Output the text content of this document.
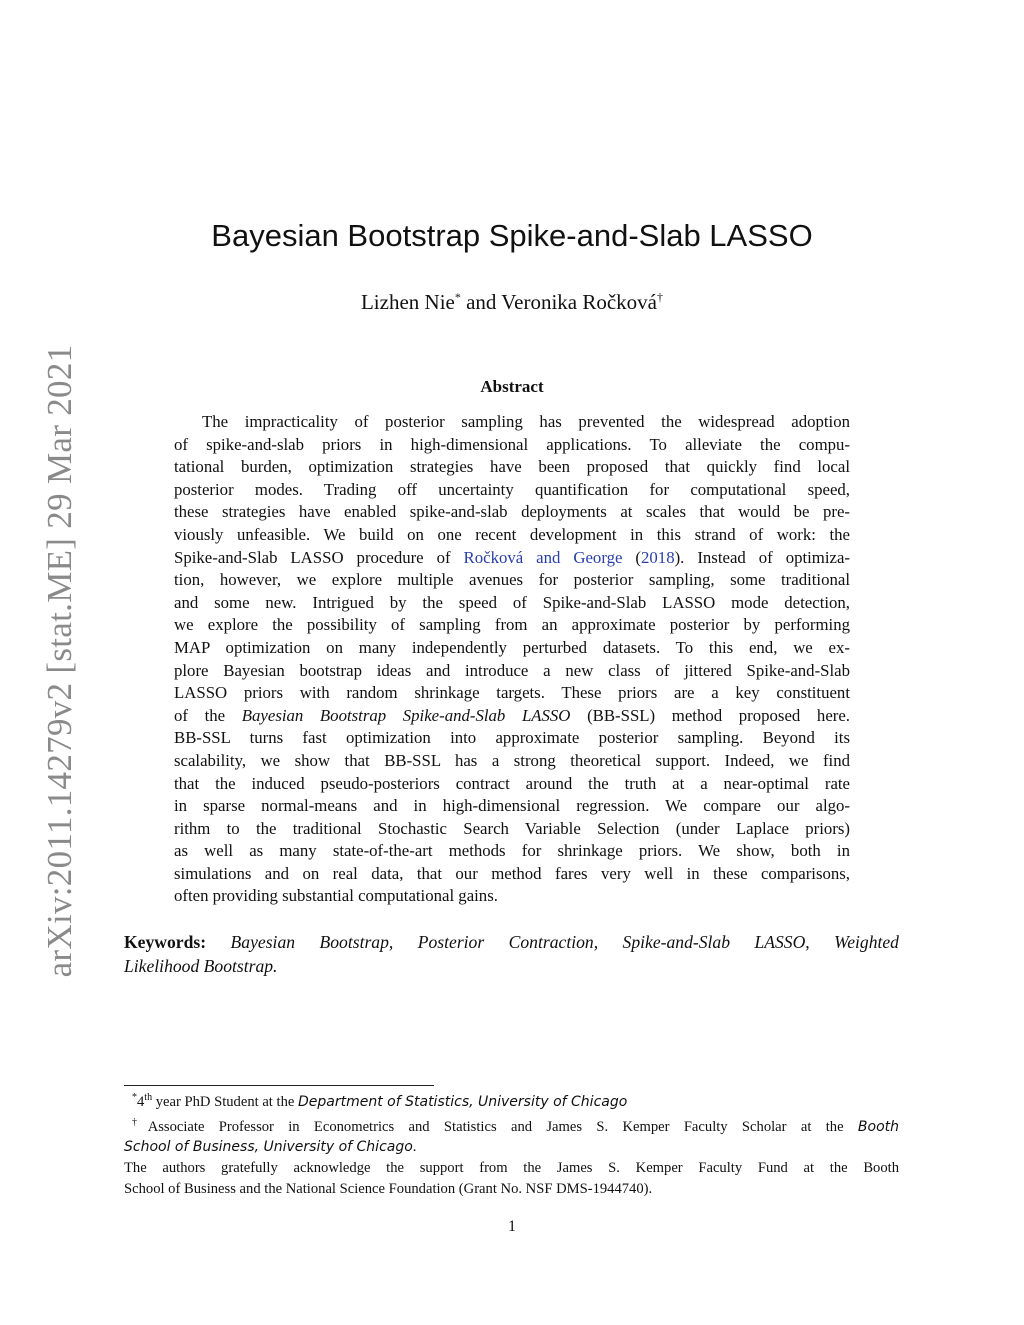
arXiv:2011.14279v2 [stat.ME] 29 Mar 2021
Bayesian Bootstrap Spike-and-Slab LASSO
Lizhen Nie* and Veronika Ročková†
Abstract
The impracticality of posterior sampling has prevented the widespread adoption
of spike-and-slab priors in high-dimensional applications. To alleviate the compu-
tational burden, optimization strategies have been proposed that quickly find local
posterior modes. Trading off uncertainty quantification for computational speed,
these strategies have enabled spike-and-slab deployments at scales that would be pre-
viously unfeasible. We build on one recent development in this strand of work: the
Spike-and-Slab LASSO procedure of Ročková and George (2018). Instead of optimiza-
tion, however, we explore multiple avenues for posterior sampling, some traditional
and some new. Intrigued by the speed of Spike-and-Slab LASSO mode detection,
we explore the possibility of sampling from an approximate posterior by performing
MAP optimization on many independently perturbed datasets. To this end, we ex-
plore Bayesian bootstrap ideas and introduce a new class of jittered Spike-and-Slab
LASSO priors with random shrinkage targets. These priors are a key constituent
of the Bayesian Bootstrap Spike-and-Slab LASSO (BB-SSL) method proposed here.
BB-SSL turns fast optimization into approximate posterior sampling. Beyond its
scalability, we show that BB-SSL has a strong theoretical support. Indeed, we find
that the induced pseudo-posteriors contract around the truth at a near-optimal rate
in sparse normal-means and in high-dimensional regression. We compare our algo-
rithm to the traditional Stochastic Search Variable Selection (under Laplace priors)
as well as many state-of-the-art methods for shrinkage priors. We show, both in
simulations and on real data, that our method fares very well in these comparisons,
often providing substantial computational gains.
Keywords: Bayesian Bootstrap, Posterior Contraction, Spike-and-Slab LASSO, Weighted
Likelihood Bootstrap.
*4th year PhD Student at the Department of Statistics, University of Chicago
†Associate Professor in Econometrics and Statistics and James S. Kemper Faculty Scholar at the Booth
School of Business, University of Chicago.
The authors gratefully acknowledge the support from the James S. Kemper Faculty Fund at the Booth
School of Business and the National Science Foundation (Grant No. NSF DMS-1944740).
1
